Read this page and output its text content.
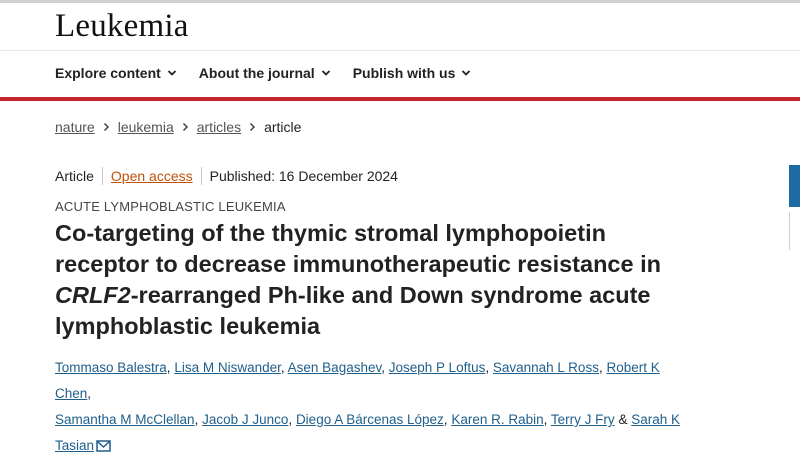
Leukemia
Explore content	About the journal	Publish with us
nature leukemia articles article
Article Open access Published: 16 December 2024
ACUTE LYMPHOBLASTIC LEUKEMIA
Co-targeting of the thymic stromal lymphopoietin
receptor to decrease immunotherapeutic resistance in
CRLF2-rearranged Ph-like and Down syndrome acute
lymphoblastic leukemia
Tommaso Balestra, Lisa M Niswander, Asen Bagashev, Joseph P Loftus, Savannah L Ross, Robert K Chen,
Samantha M McClellan, Jacob J Junco, Diego A Bárcenas López, Karen R. Rabin, Terry J Fry & Sarah K Tasian
